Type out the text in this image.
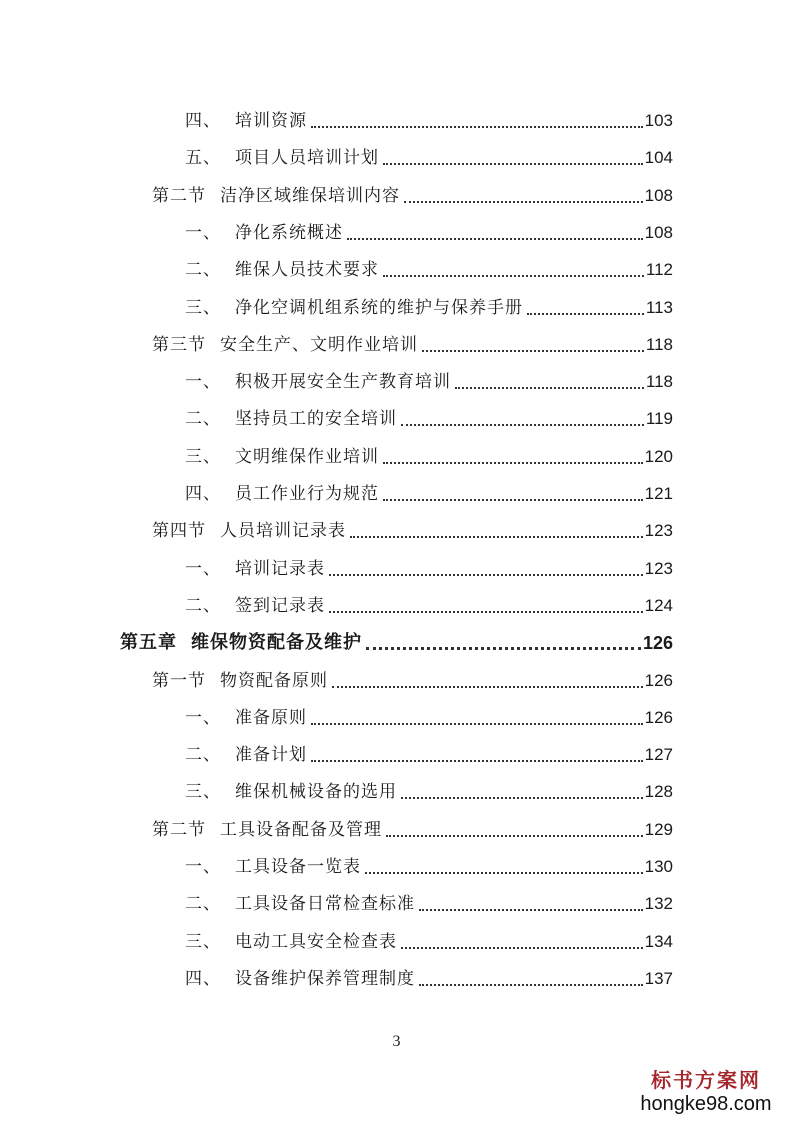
四、 培训资源	103
五、 项目人员培训计划	104
第二节 洁净区域维保培训内容	108
一、 净化系统概述	108
二、 维保人员技术要求	112
三、 净化空调机组系统的维护与保养手册	113
第三节 安全生产、文明作业培训	118
一、 积极开展安全生产教育培训	118
二、 坚持员工的安全培训	119
三、 文明维保作业培训	120
四、 员工作业行为规范	121
第四节 人员培训记录表	123
一、 培训记录表	123
二、 签到记录表	124
第五章 维保物资配备及维护	126
第一节 物资配备原则	126
一、 准备原则	126
二、 准备计划	127
三、 维保机械设备的选用	128
第二节 工具设备配备及管理	129
一、 工具设备一览表	130
二、 工具设备日常检查标准	132
三、 电动工具安全检查表	134
四、 设备维护保养管理制度	137
3
标书方案网
hongke98.com
